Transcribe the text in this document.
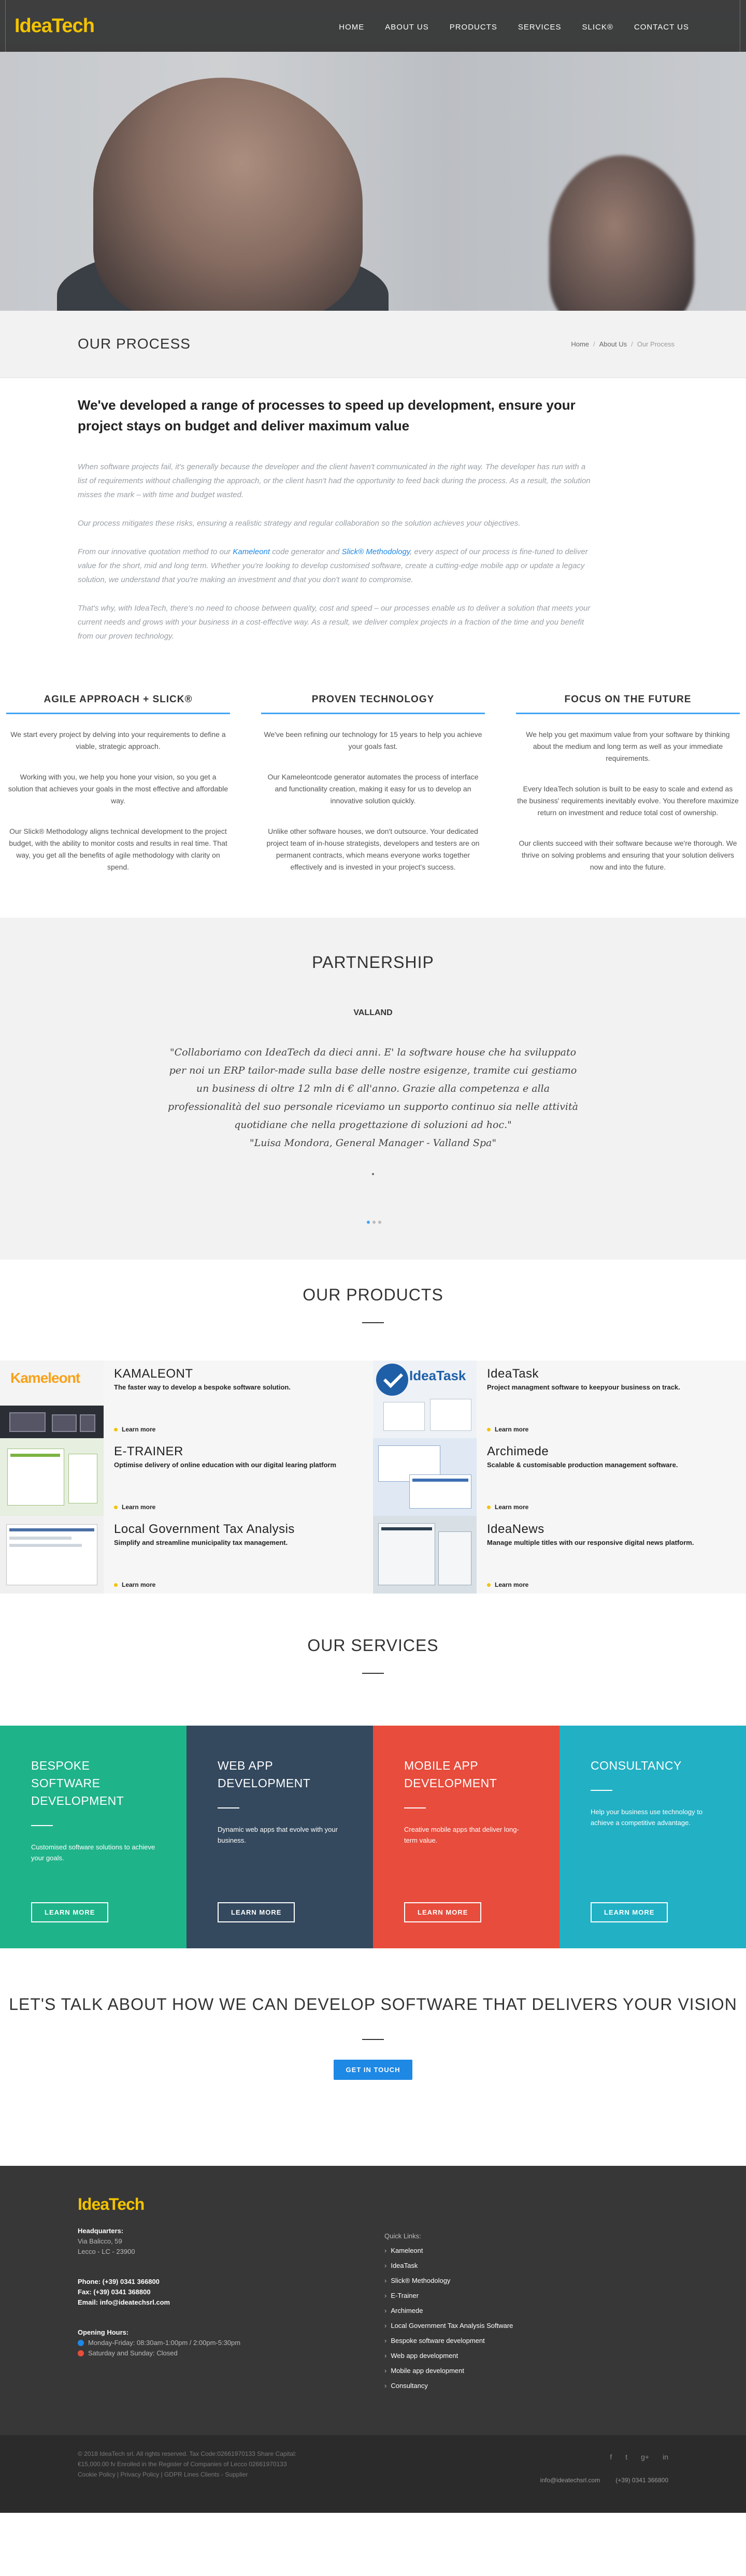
IdeaTech	HOME	ABOUT US	PRODUCTS	SERVICES	SLICK®	CONTACT US
OUR PROCESS	Home / About Us / Our Process
We've developed a range of processes to speed up development, ensure your project stays on budget and deliver maximum value

When software projects fail, it's generally because the developer and the client haven't communicated in the right way. The developer has run with a list of requirements without challenging the approach, or the client hasn't had the opportunity to feed back during the process. As a result, the solution misses the mark – with time and budget wasted.

Our process mitigates these risks, ensuring a realistic strategy and regular collaboration so the solution achieves your objectives.

From our innovative quotation method to our Kameleont code generator and Slick® Methodology, every aspect of our process is fine-tuned to deliver value for the short, mid and long term. Whether you're looking to develop customised software, create a cutting-edge mobile app or update a legacy solution, we understand that you're making an investment and that you don't want to compromise.

That's why, with IdeaTech, there's no need to choose between quality, cost and speed – our processes enable us to deliver a solution that meets your current needs and grows with your business in a cost-effective way. As a result, we deliver complex projects in a fraction of the time and you benefit from our proven technology.

AGILE APPROACH + SLICK®

We start every project by delving into your requirements to define a viable, strategic approach.

Working with you, we help you hone your vision, so you get a solution that achieves your goals in the most effective and affordable way.

Our Slick® Methodology aligns technical development to the project budget, with the ability to monitor costs and results in real time. That way, you get all the benefits of agile methodology with clarity on spend.

PROVEN TECHNOLOGY

We've been refining our technology for 15 years to help you achieve your goals fast.

Our Kameleontcode generator automates the process of interface and functionality creation, making it easy for us to develop an innovative solution quickly.

Unlike other software houses, we don't outsource. Your dedicated project team of in-house strategists, developers and testers are on permanent contracts, which means everyone works together effectively and is invested in your project's success.

FOCUS ON THE FUTURE

We help you get maximum value from your software by thinking about the medium and long term as well as your immediate requirements.

Every IdeaTech solution is built to be easy to scale and extend as the business' requirements inevitably evolve. You therefore maximize return on investment and reduce total cost of ownership.

Our clients succeed with their software because we're thorough. We thrive on solving problems and ensuring that your solution delivers now and into the future.

PARTNERSHIP
VALLAND
"Collaboriamo con IdeaTech da dieci anni. E' la software house che ha sviluppato per noi un ERP tailor-made sulla base delle nostre esigenze, tramite cui gestiamo un business di oltre 12 mln di € all'anno. Grazie alla competenza e alla professionalità del suo personale riceviamo un supporto continuo sia nelle attività quotidiane che nella progettazione di soluzioni ad hoc."
"Luisa Mondora, General Manager - Valland Spa"
OUR PRODUCTS
Kameleont	KAMALEONT
The faster way to develop a bespoke software solution.
Learn more
IdeaTask IdeaTask
Project managment software to keepyour business on track.
Learn more
E-TRAINER
Optimise delivery of online education with our digital learing platform
Learn more
Archimede
Scalable & customisable production management software.
Learn more
Local Government Tax Analysis
Simplify and streamline municipality tax management.
Learn more
IdeaNews
Manage multiple titles with our responsive digital news platform.
Learn more
OUR SERVICES
BESPOKE SOFTWARE DEVELOPMENT

Customised software solutions to achieve your goals.

LEARN MORE
WEB APP DEVELOPMENT

Dynamic web apps that evolve with your business.

LEARN MORE
MOBILE APP DEVELOPMENT

Creative mobile apps that deliver long-term value.

LEARN MORE
CONSULTANCY

Help your business use technology to achieve a competitive advantage.

LEARN MORE
LET'S TALK ABOUT HOW WE CAN DEVELOP SOFTWARE THAT DELIVERS YOUR VISION
GET IN TOUCH
IdeaTech
Headquarters:
Via Balicco, 59
Lecco - LC - 23900
Phone: (+39) 0341 366800
Fax: (+39) 0341 368800
Email: info@ideatechsrl.com
Opening Hours:
Monday-Friday: 08:30am-1:00pm / 2:00pm-5:30pm
Saturday and Sunday: Closed
Quick Links:
› Kameleont
› IdeaTask
› Slick® Methodology
› E-Trainer
› Archimede
› Local Government Tax Analysis Software
› Bespoke software development
› Web app development
› Mobile app development
› Consultancy
© 2018 IdeaTech srl. All rights reserved. Tax Code:02661970133 Share Capital:
€15,000.00 fv Enrolled in the Register of Companies of Lecco 02661970133
Cookie Policy | Privacy Policy | GDPR Lines Clients - Supplier
f t g+ in
info@ideatechsrl.com	(+39) 0341 366800
